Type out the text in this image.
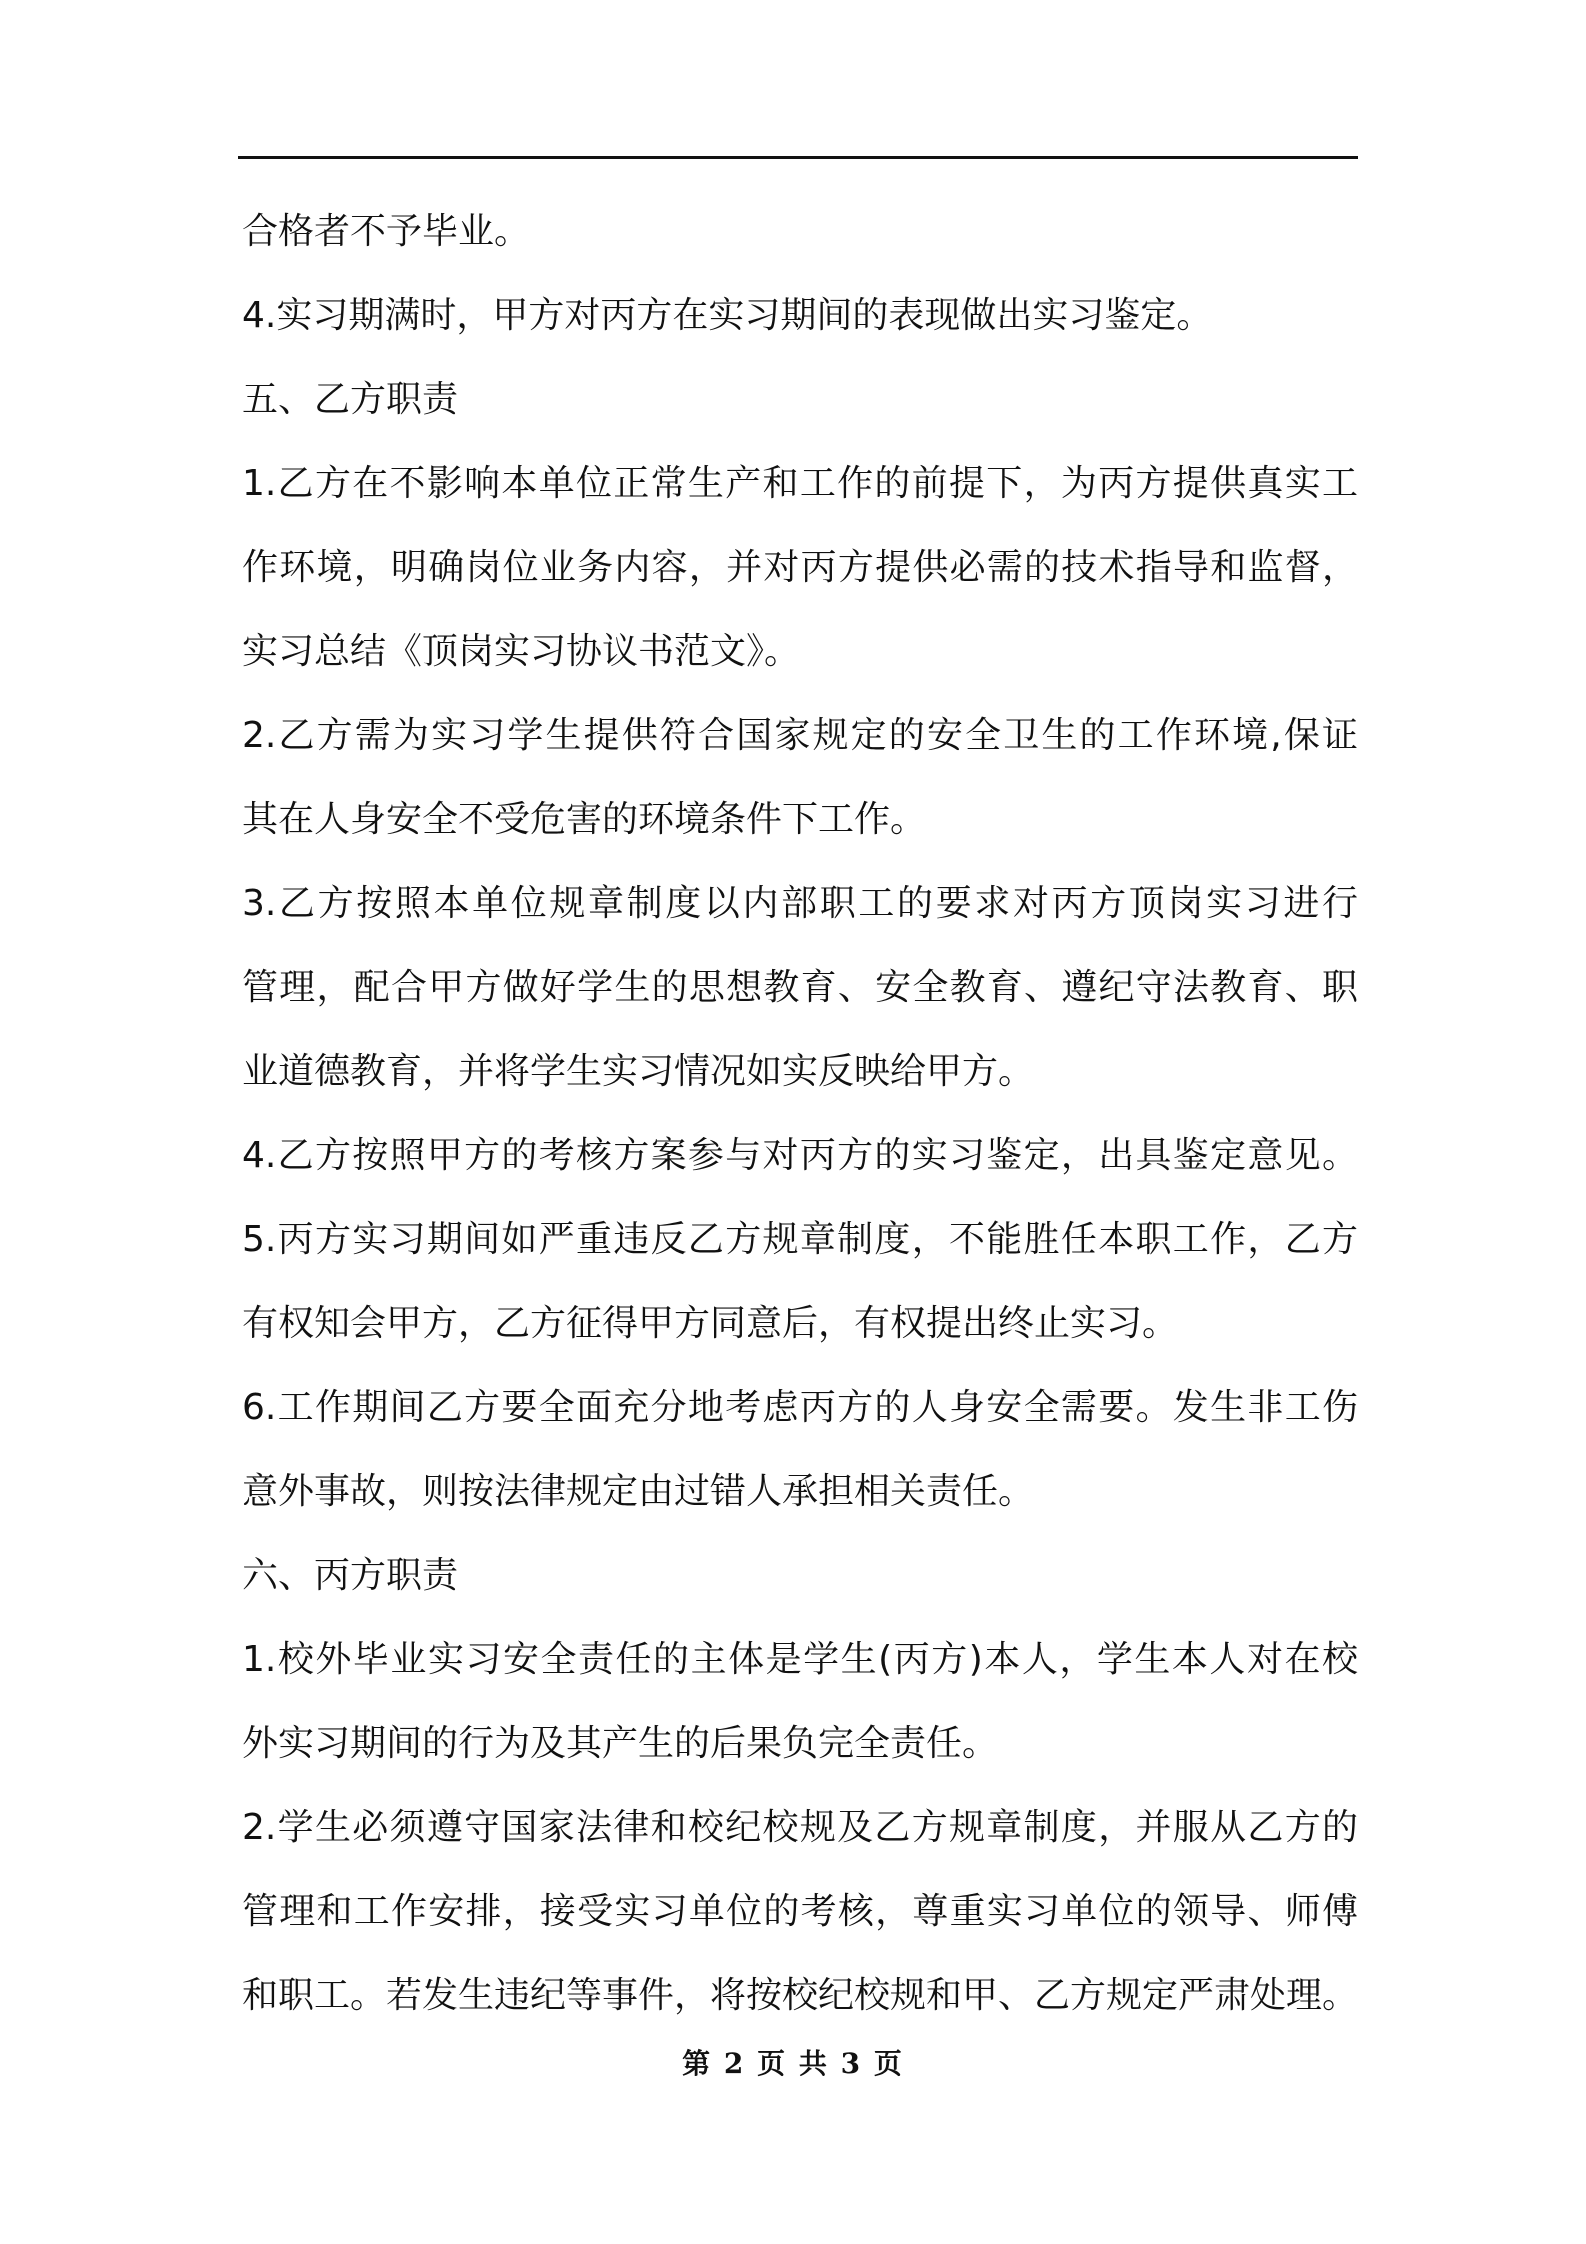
合格者不予毕业。
4.实习期满时，甲方对丙方在实习期间的表现做出实习鉴定。
五、乙方职责
1.乙方在不影响本单位正常生产和工作的前提下，为丙方提供真实工
作环境，明确岗位业务内容，并对丙方提供必需的技术指导和监督，
实习总结《顶岗实习协议书范文》。
2.乙方需为实习学生提供符合国家规定的安全卫生的工作环境,保证
其在人身安全不受危害的环境条件下工作。
3.乙方按照本单位规章制度以内部职工的要求对丙方顶岗实习进行
管理，配合甲方做好学生的思想教育、安全教育、遵纪守法教育、职
业道德教育，并将学生实习情况如实反映给甲方。
4.乙方按照甲方的考核方案参与对丙方的实习鉴定，出具鉴定意见。
5.丙方实习期间如严重违反乙方规章制度，不能胜任本职工作，乙方
有权知会甲方，乙方征得甲方同意后，有权提出终止实习。
6.工作期间乙方要全面充分地考虑丙方的人身安全需要。发生非工伤
意外事故，则按法律规定由过错人承担相关责任。
六、丙方职责
1.校外毕业实习安全责任的主体是学生(丙方)本人，学生本人对在校
外实习期间的行为及其产生的后果负完全责任。
2.学生必须遵守国家法律和校纪校规及乙方规章制度，并服从乙方的
管理和工作安排，接受实习单位的考核，尊重实习单位的领导、师傅
和职工。若发生违纪等事件，将按校纪校规和甲、乙方规定严肃处理。
第 2 页 共 3 页
